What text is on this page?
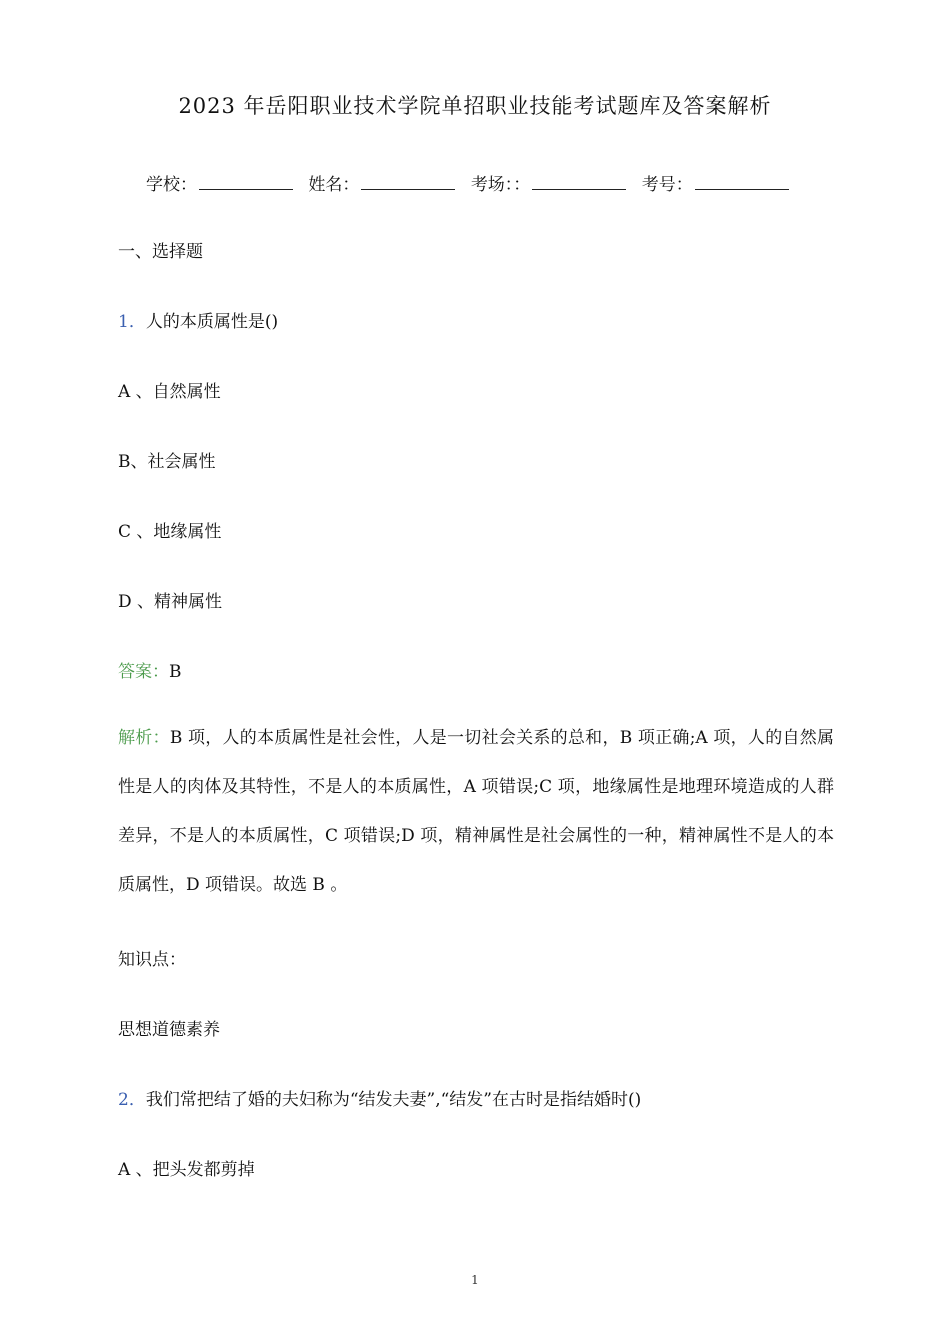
2023 年岳阳职业技术学院单招职业技能考试题库及答案解析
学校：	姓名：	考场：：	考号：
一、选择题
1．人的本质属性是()
A 、自然属性
B、社会属性
C 、地缘属性
D 、精神属性
答案：B
解析：B 项，人的本质属性是社会性，人是一切社会关系的总和，B 项正确;A 项，人的自然属性是人的肉体及其特性，不是人的本质属性，A 项错误;C 项，地缘属性是地理环境造成的人群差异，不是人的本质属性，C 项错误;D 项，精神属性是社会属性的一种，精神属性不是人的本质属性，D 项错误。故选 B 。
知识点：
思想道德素养
2．我们常把结了婚的夫妇称为“结发夫妻”,“结发”在古时是指结婚时()
A 、把头发都剪掉
1
